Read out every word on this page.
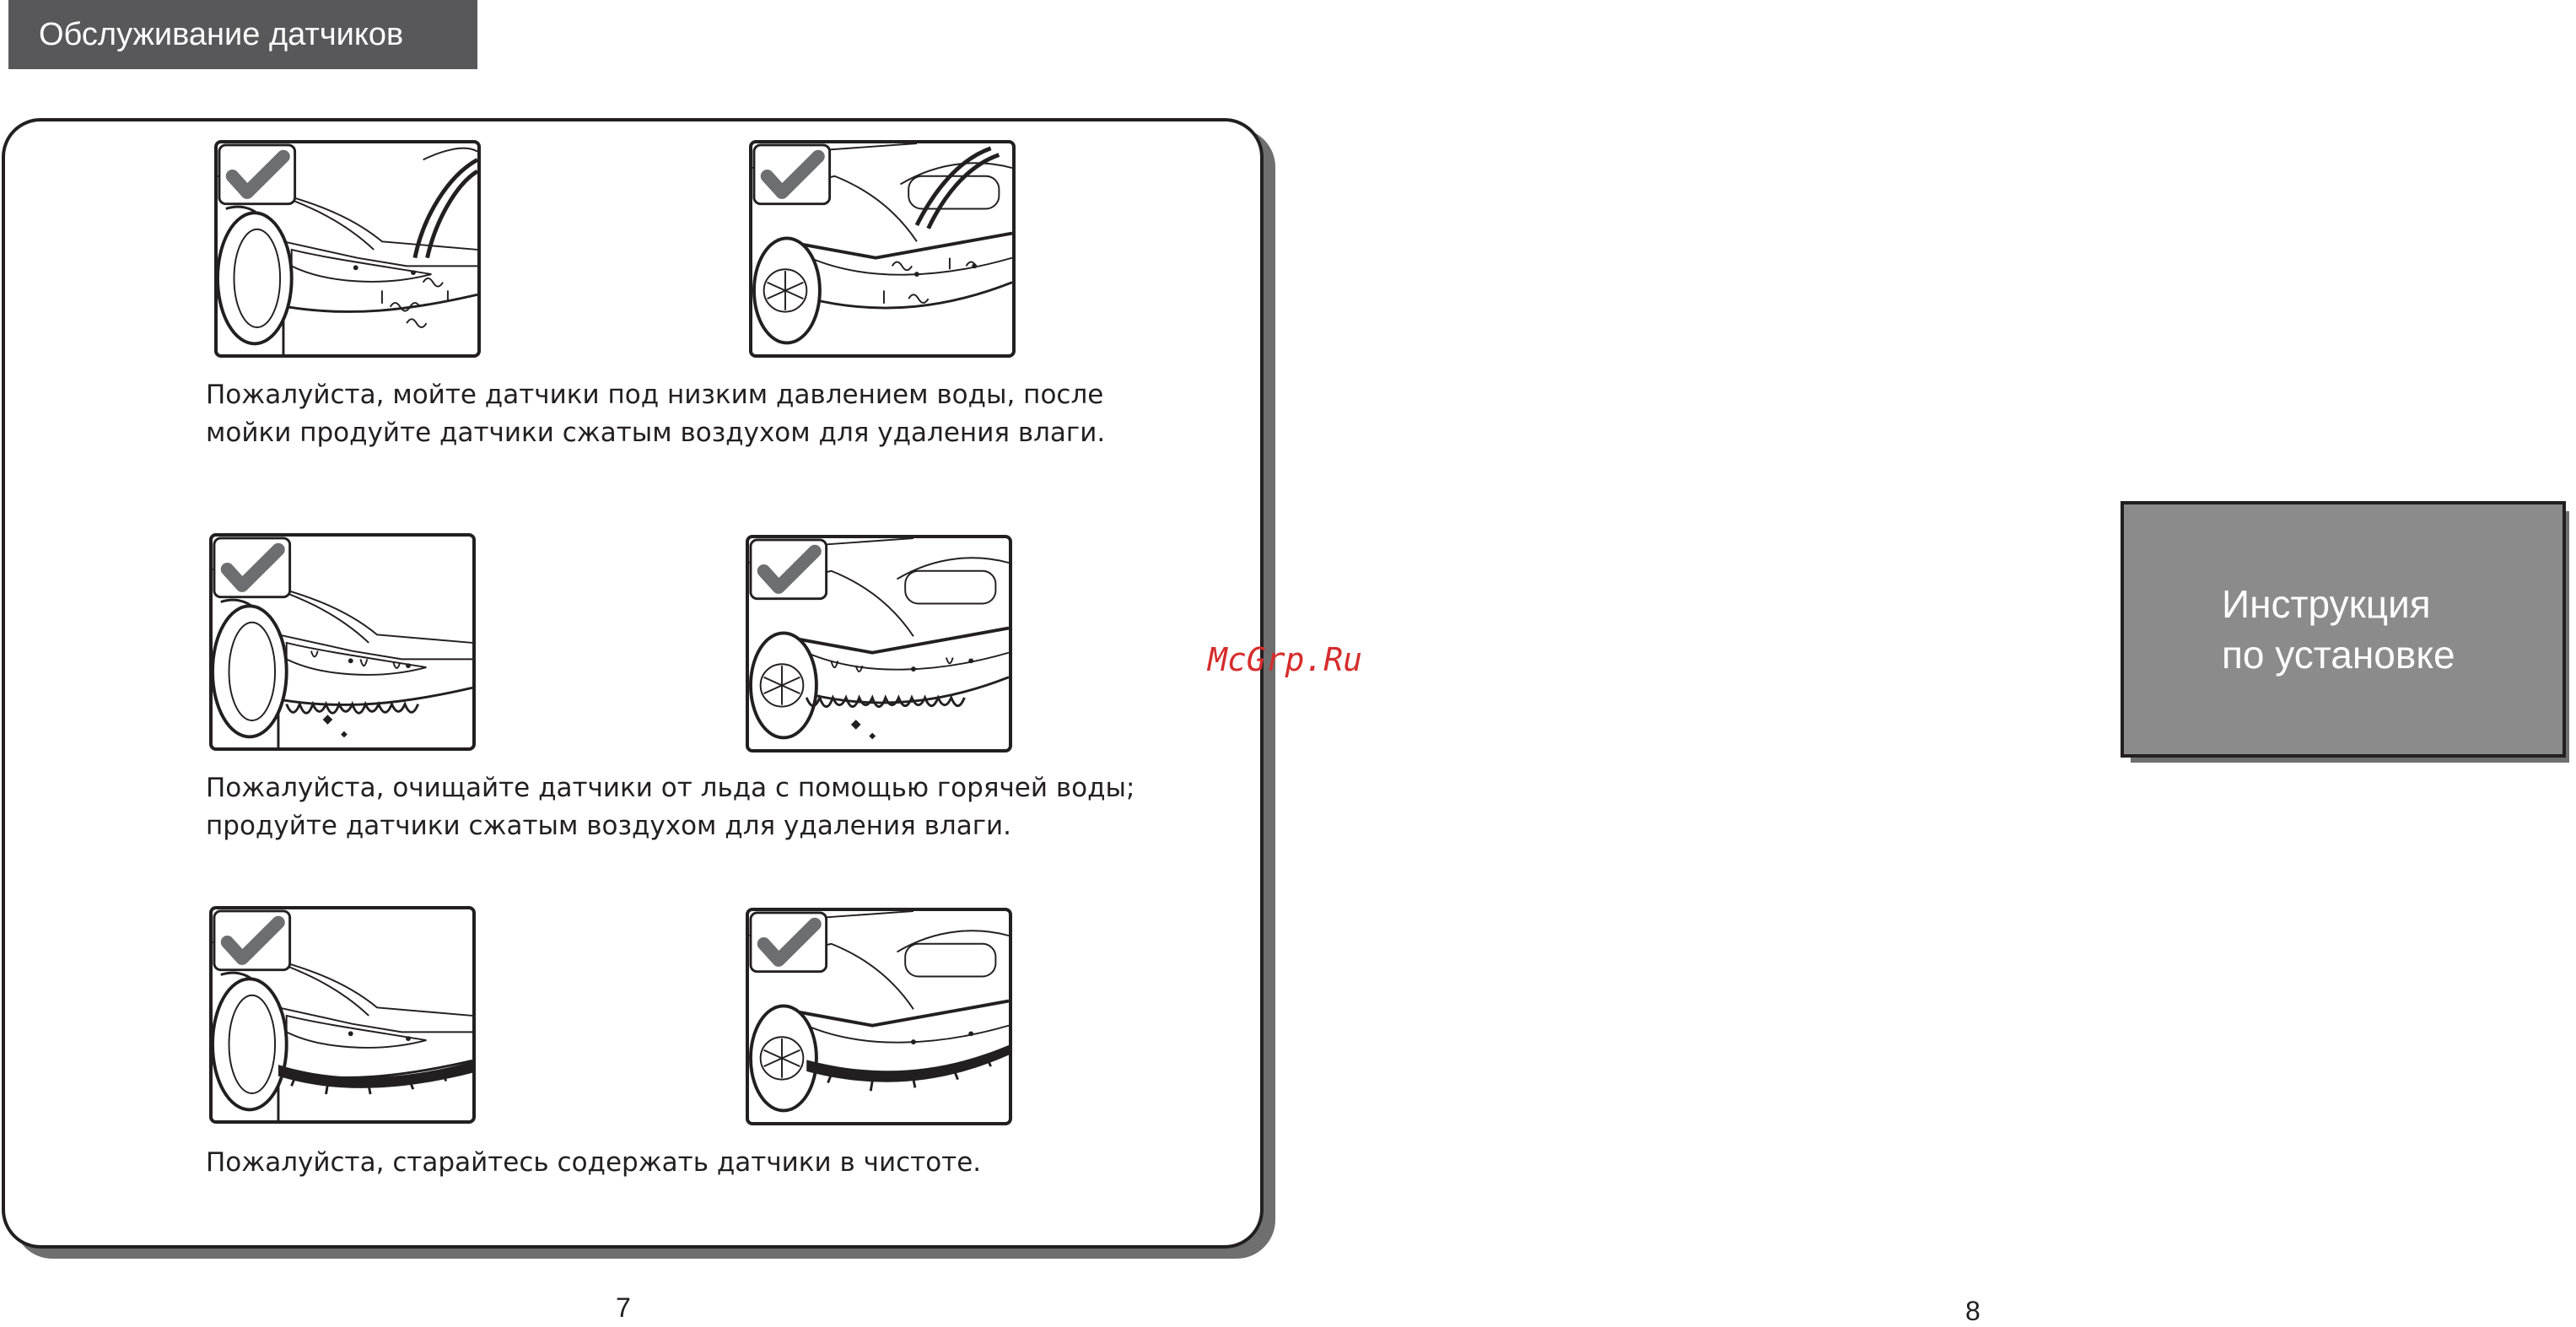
Обслуживание датчиков
Пожалуйста, мойте датчики под низким давлением воды, после
мойки продуйте датчики сжатым воздухом для удаления влаги.
Пожалуйста, очищайте датчики от льда с помощью горячей воды;
продуйте датчики сжатым воздухом для удаления влаги.
Пожалуйста, старайтесь содержать датчики в чистоте.
7
McGrp.Ru
Инструкция
по установке
8
